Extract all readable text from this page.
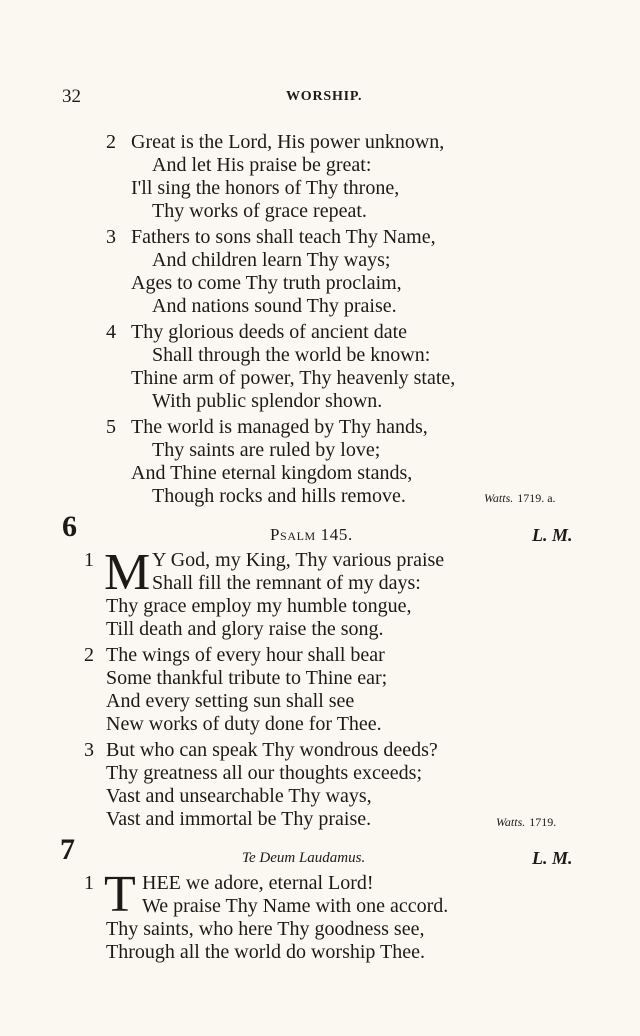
32	WORSHIP.
2 Great is the Lord, His power unknown,
And let His praise be great:
I'll sing the honors of Thy throne,
Thy works of grace repeat.
3 Fathers to sons shall teach Thy Name,
And children learn Thy ways;
Ages to come Thy truth proclaim,
And nations sound Thy praise.
4 Thy glorious deeds of ancient date
Shall through the world be known:
Thine arm of power, Thy heavenly state,
With public splendor shown.
5 The world is managed by Thy hands,
Thy saints are ruled by love;
And Thine eternal kingdom stands,
Though rocks and hills remove.	Watts. 1719. a.
6	Psalm 145.	L. M.
1 M Y God, my King, Thy various praise
Shall fill the remnant of my days:
Thy grace employ my humble tongue,
Till death and glory raise the song.
2 The wings of every hour shall bear
Some thankful tribute to Thine ear;
And every setting sun shall see
New works of duty done for Thee.
3 But who can speak Thy wondrous deeds?
Thy greatness all our thoughts exceeds;
Vast and unsearchable Thy ways,
Vast and immortal be Thy praise.	Watts. 1719.
7	Te Deum Laudamus.	L. M.
1 T HEE we adore, eternal Lord!
We praise Thy Name with one accord.
Thy saints, who here Thy goodness see,
Through all the world do worship Thee.
